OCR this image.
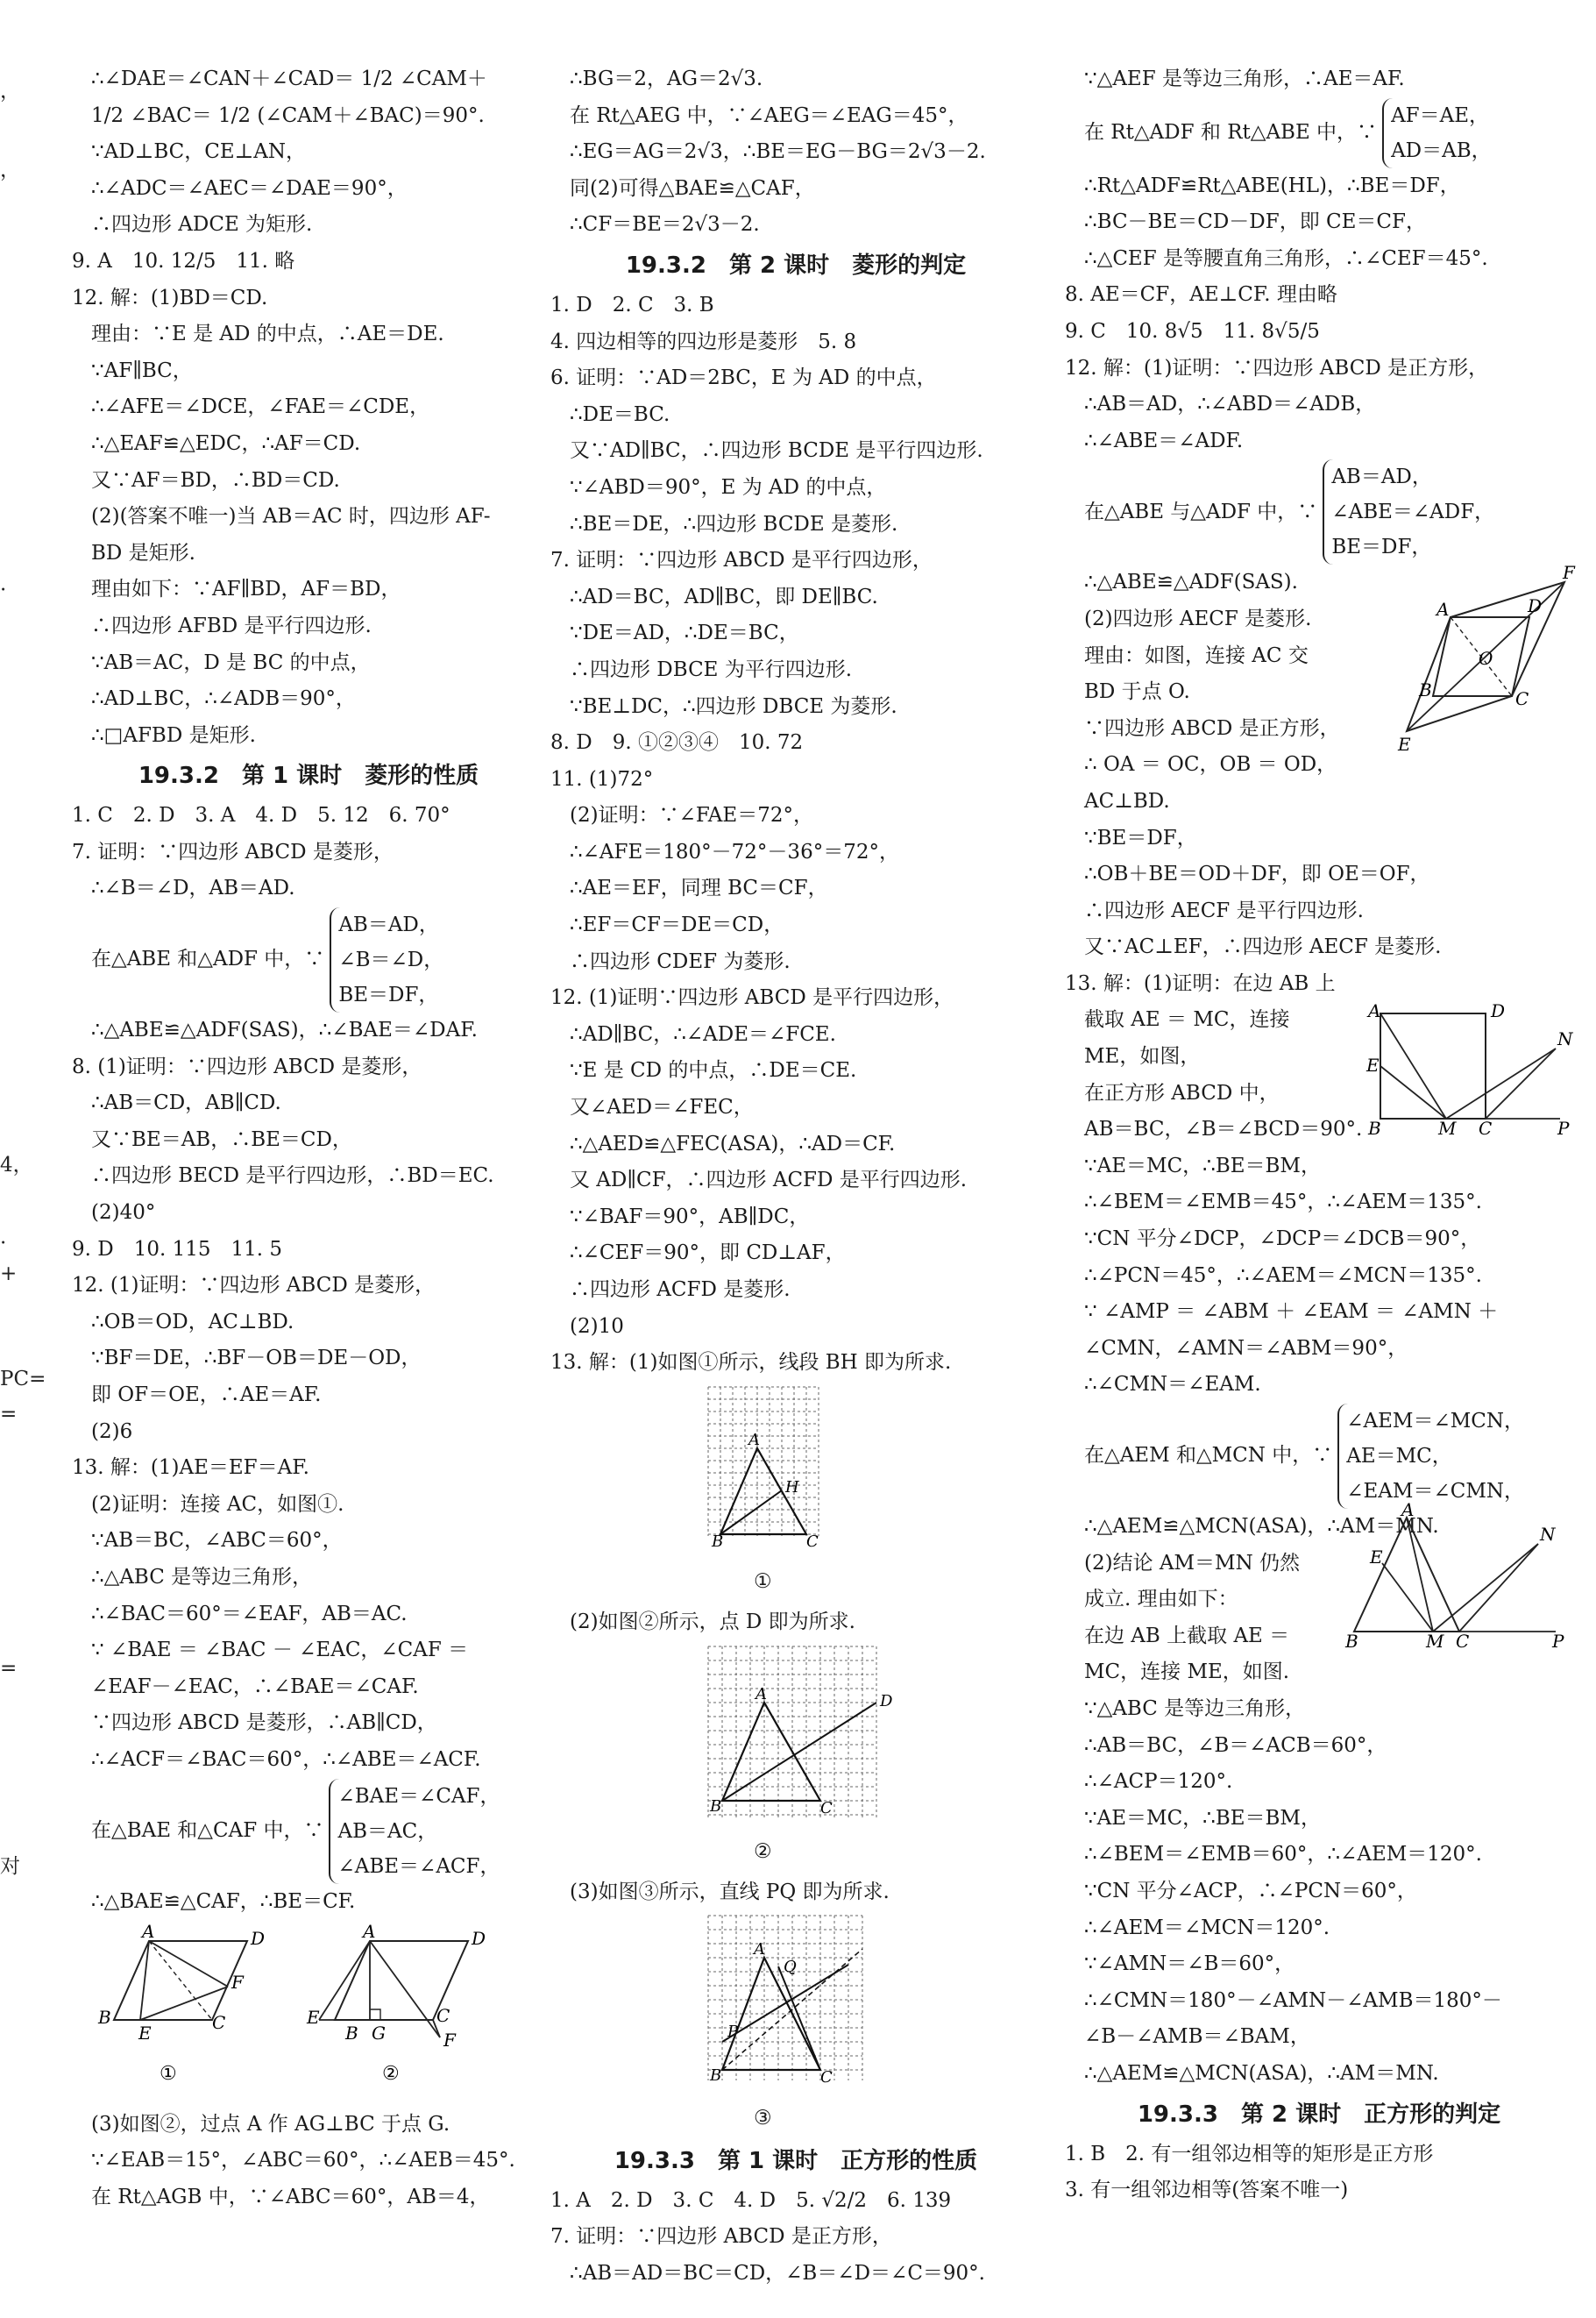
，
，
·
4，
·
+
PC=
=
=
对
∴∠DAE＝∠CAN＋∠CAD＝ 1/2 ∠CAM＋
1/2 ∠BAC＝ 1/2 (∠CAM＋∠BAC)＝90°.
∵AD⊥BC，CE⊥AN，
∴∠ADC＝∠AEC＝∠DAE＝90°，
∴四边形 ADCE 为矩形.
9. A　10. 12/5　11. 略
12. 解：(1)BD＝CD.
理由：∵E 是 AD 的中点，∴AE＝DE.
∵AF∥BC，
∴∠AFE＝∠DCE，∠FAE＝∠CDE，
∴△EAF≌△EDC，∴AF＝CD.
又∵AF＝BD，∴BD＝CD.
(2)(答案不唯一)当 AB＝AC 时，四边形 AF-
BD 是矩形.
理由如下：∵AF∥BD，AF＝BD，
∴四边形 AFBD 是平行四边形.
∵AB＝AC，D 是 BC 的中点，
∴AD⊥BC，∴∠ADB＝90°，
∴□AFBD 是矩形.
19.3.2　第 1 课时　菱形的性质
1. C　2. D　3. A　4. D　5. 12　6. 70°
7. 证明：∵四边形 ABCD 是菱形，
∴∠B＝∠D，AB＝AD.
在△ABE 和△ADF 中，∵
AB＝AD，
∠B＝∠D，
BE＝DF，
∴△ABE≌△ADF(SAS)，∴∠BAE＝∠DAF.
8. (1)证明：∵四边形 ABCD 是菱形，
∴AB＝CD，AB∥CD.
又∵BE＝AB，∴BE＝CD，
∴四边形 BECD 是平行四边形，∴BD＝EC.
(2)40°
9. D　10. 115　11. 5
12. (1)证明：∵四边形 ABCD 是菱形，
∴OB＝OD，AC⊥BD.
∵BF＝DE，∴BF－OB＝DE－OD，
即 OF＝OE，∴AE＝AF.
(2)6
13. 解：(1)AE＝EF＝AF.
(2)证明：连接 AC，如图①.
∵AB＝BC，∠ABC＝60°，
∴△ABC 是等边三角形，
∴∠BAC＝60°＝∠EAF，AB＝AC.
∵ ∠BAE ＝ ∠BAC － ∠EAC，∠CAF ＝
∠EAF－∠EAC，∴∠BAE＝∠CAF.
∵四边形 ABCD 是菱形，∴AB∥CD，
∴∠ACF＝∠BAC＝60°，∴∠ABE＝∠ACF.
在△BAE 和△CAF 中，∵
∠BAE＝∠CAF，
AB＝AC，
∠ABE＝∠ACF，
∴△BAE≌△CAF，∴BE＝CF.
A	D
B
E	C
F
①
A	D
B
E
G
C
F
②
(3)如图②，过点 A 作 AG⊥BC 于点 G.
∵∠EAB＝15°，∠ABC＝60°，∴∠AEB＝45°.
在 Rt△AGB 中，∵∠ABC＝60°，AB＝4，
∴BG＝2，AG＝2√3.
在 Rt△AEG 中，∵∠AEG＝∠EAG＝45°，
∴EG＝AG＝2√3，∴BE＝EG－BG＝2√3－2.
同(2)可得△BAE≌△CAF，
∴CF＝BE＝2√3－2.
19.3.2　第 2 课时　菱形的判定
1. D　2. C　3. B
4. 四边相等的四边形是菱形　5. 8
6. 证明：∵AD＝2BC，E 为 AD 的中点，
∴DE＝BC.
又∵AD∥BC，∴四边形 BCDE 是平行四边形.
∵∠ABD＝90°，E 为 AD 的中点，
∴BE＝DE，∴四边形 BCDE 是菱形.
7. 证明：∵四边形 ABCD 是平行四边形，
∴AD＝BC，AD∥BC，即 DE∥BC.
∵DE＝AD，∴DE＝BC，
∴四边形 DBCE 为平行四边形.
∵BE⊥DC，∴四边形 DBCE 为菱形.
8. D　9. ①②③④　10. 72
11. (1)72°
(2)证明：∵∠FAE＝72°，
∴∠AFE＝180°－72°－36°＝72°，
∴AE＝EF，同理 BC＝CF，
∴EF＝CF＝DE＝CD，
∴四边形 CDEF 为菱形.
12. (1)证明∵四边形 ABCD 是平行四边形，
∴AD∥BC，∴∠ADE＝∠FCE.
∵E 是 CD 的中点，∴DE＝CE.
又∠AED＝∠FEC，
∴△AED≌△FEC(ASA)，∴AD＝CF.
又 AD∥CF，∴四边形 ACFD 是平行四边形.
∵∠BAF＝90°，AB∥DC，
∴∠CEF＝90°，即 CD⊥AF，
∴四边形 ACFD 是菱形.
(2)10
13. 解：(1)如图①所示，线段 BH 即为所求.
A
H
B	C
①
(2)如图②所示，点 D 即为所求.
A	D
B	C
②
(3)如图③所示，直线 PQ 即为所求.
A
Q
P
B	C
③
19.3.3　第 1 课时　正方形的性质
1. A　2. D　3. C　4. D　5. √2/2　6. 139
7. 证明：∵四边形 ABCD 是正方形，
∴AB＝AD＝BC＝CD，∠B＝∠D＝∠C＝90°.
∵△AEF 是等边三角形，∴AE＝AF.
在 Rt△ADF 和 Rt△ABE 中，∵
AF＝AE，
AD＝AB，
∴Rt△ADF≌Rt△ABE(HL)，∴BE＝DF，
∴BC－BE＝CD－DF，即 CE＝CF，
∴△CEF 是等腰直角三角形，∴∠CEF＝45°.
8. AE＝CF，AE⊥CF. 理由略
9. C　10. 8√5　11. 8√5/5
12. 解：(1)证明：∵四边形 ABCD 是正方形，
∴AB＝AD，∴∠ABD＝∠ADB，
∴∠ABE＝∠ADF.
在△ABE 与△ADF 中，∵
AB＝AD，
∠ABE＝∠ADF，
BE＝DF，
∴△ABE≌△ADF(SAS).
(2)四边形 AECF 是菱形.
理由：如图，连接 AC 交
BD 于点 O.
∵四边形 ABCD 是正方形，
∴ OA ＝ OC，OB ＝ OD，
AC⊥BD.
∵BE＝DF，
∴OB＋BE＝OD＋DF，即 OE＝OF，
∴四边形 AECF 是平行四边形.
又∵AC⊥EF，∴四边形 AECF 是菱形.
13. 解：(1)证明：在边 AB 上
截取 AE ＝ MC，连接
ME，如图，
在正方形 ABCD 中，
AB＝BC，∠B＝∠BCD＝90°.
∵AE＝MC，∴BE＝BM，
∴∠BEM＝∠EMB＝45°，∴∠AEM＝135°.
∵CN 平分∠DCP，∠DCP＝∠DCB＝90°，
∴∠PCN＝45°，∴∠AEM＝∠MCN＝135°.
∵ ∠AMP ＝ ∠ABM ＋ ∠EAM ＝ ∠AMN ＋
∠CMN，∠AMN＝∠ABM＝90°，
∴∠CMN＝∠EAM.
A	D
F
O
B	C
E
A	D
E
N
B	M C	P
在△AEM 和△MCN 中，∵
∠AEM＝∠MCN，
AE＝MC，
∠EAM＝∠CMN，
∴△AEM≌△MCN(ASA)，∴AM＝MN.
(2)结论 AM＝MN 仍然
成立. 理由如下：
在边 AB 上截取 AE ＝
MC，连接 ME，如图.
∵△ABC 是等边三角形，
∴AB＝BC，∠B＝∠ACB＝60°，
∴∠ACP＝120°.
∵AE＝MC，∴BE＝BM，
∴∠BEM＝∠EMB＝60°，∴∠AEM＝120°.
∵CN 平分∠ACP，∴∠PCN＝60°，
∴∠AEM＝∠MCN＝120°.
∵∠AMN＝∠B＝60°，
∴∠CMN＝180°－∠AMN－∠AMB＝180°－
∠B－∠AMB＝∠BAM，
∴△AEM≌△MCN(ASA)，∴AM＝MN.
A
E
N
B	M C	P
19.3.3　第 2 课时　正方形的判定
1. B　2. 有一组邻边相等的矩形是正方形
3. 有一组邻边相等(答案不唯一)
